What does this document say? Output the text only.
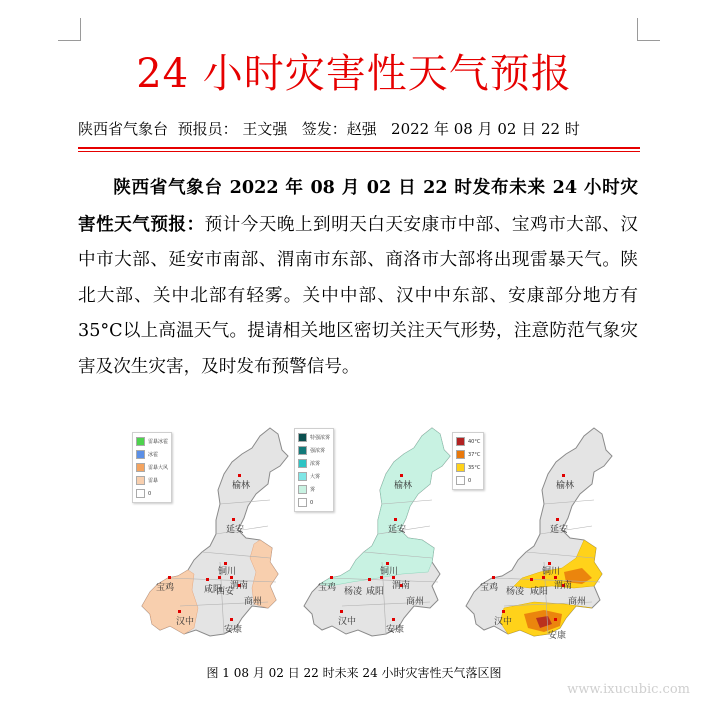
24 小时灾害性天气预报
陕西省气象台 预报员： 王文强 签发：赵强 2022 年 08 月 02 日 22 时
陕西省气象台 2022 年 08 月 02 日 22 时发布未来 24 小时灾害性天气预报：预计今天晚上到明天白天安康市中部、宝鸡市大部、汉中市大部、延安市南部、渭南市东部、商洛市大部将出现雷暴天气。陕北大部、关中北部有轻雾。关中中部、汉中中东部、安康部分地方有35°C以上高温天气。提请相关地区密切关注天气形势，注意防范气象灾害及次生灾害，及时发布预警信号。
榆林
延安
铜川
宝鸡	咸阳 渭南
西安
商州
汉中
安康
雷暴冰雹
冰雹
雷暴大风
雷暴
0
榆林
延安
铜川
宝鸡 杨凌 咸阳
渭南
商州
汉中
安康
特强浓雾
强浓雾
浓雾
大雾
雾
0
榆林
延安
铜川
宝鸡 杨凌 咸阳
渭南
商州
汉中
安康
40°C
37°C
35°C
0
图 1 08 月 02 日 22 时未来 24 小时灾害性天气落区图
www.ixucubic.com
